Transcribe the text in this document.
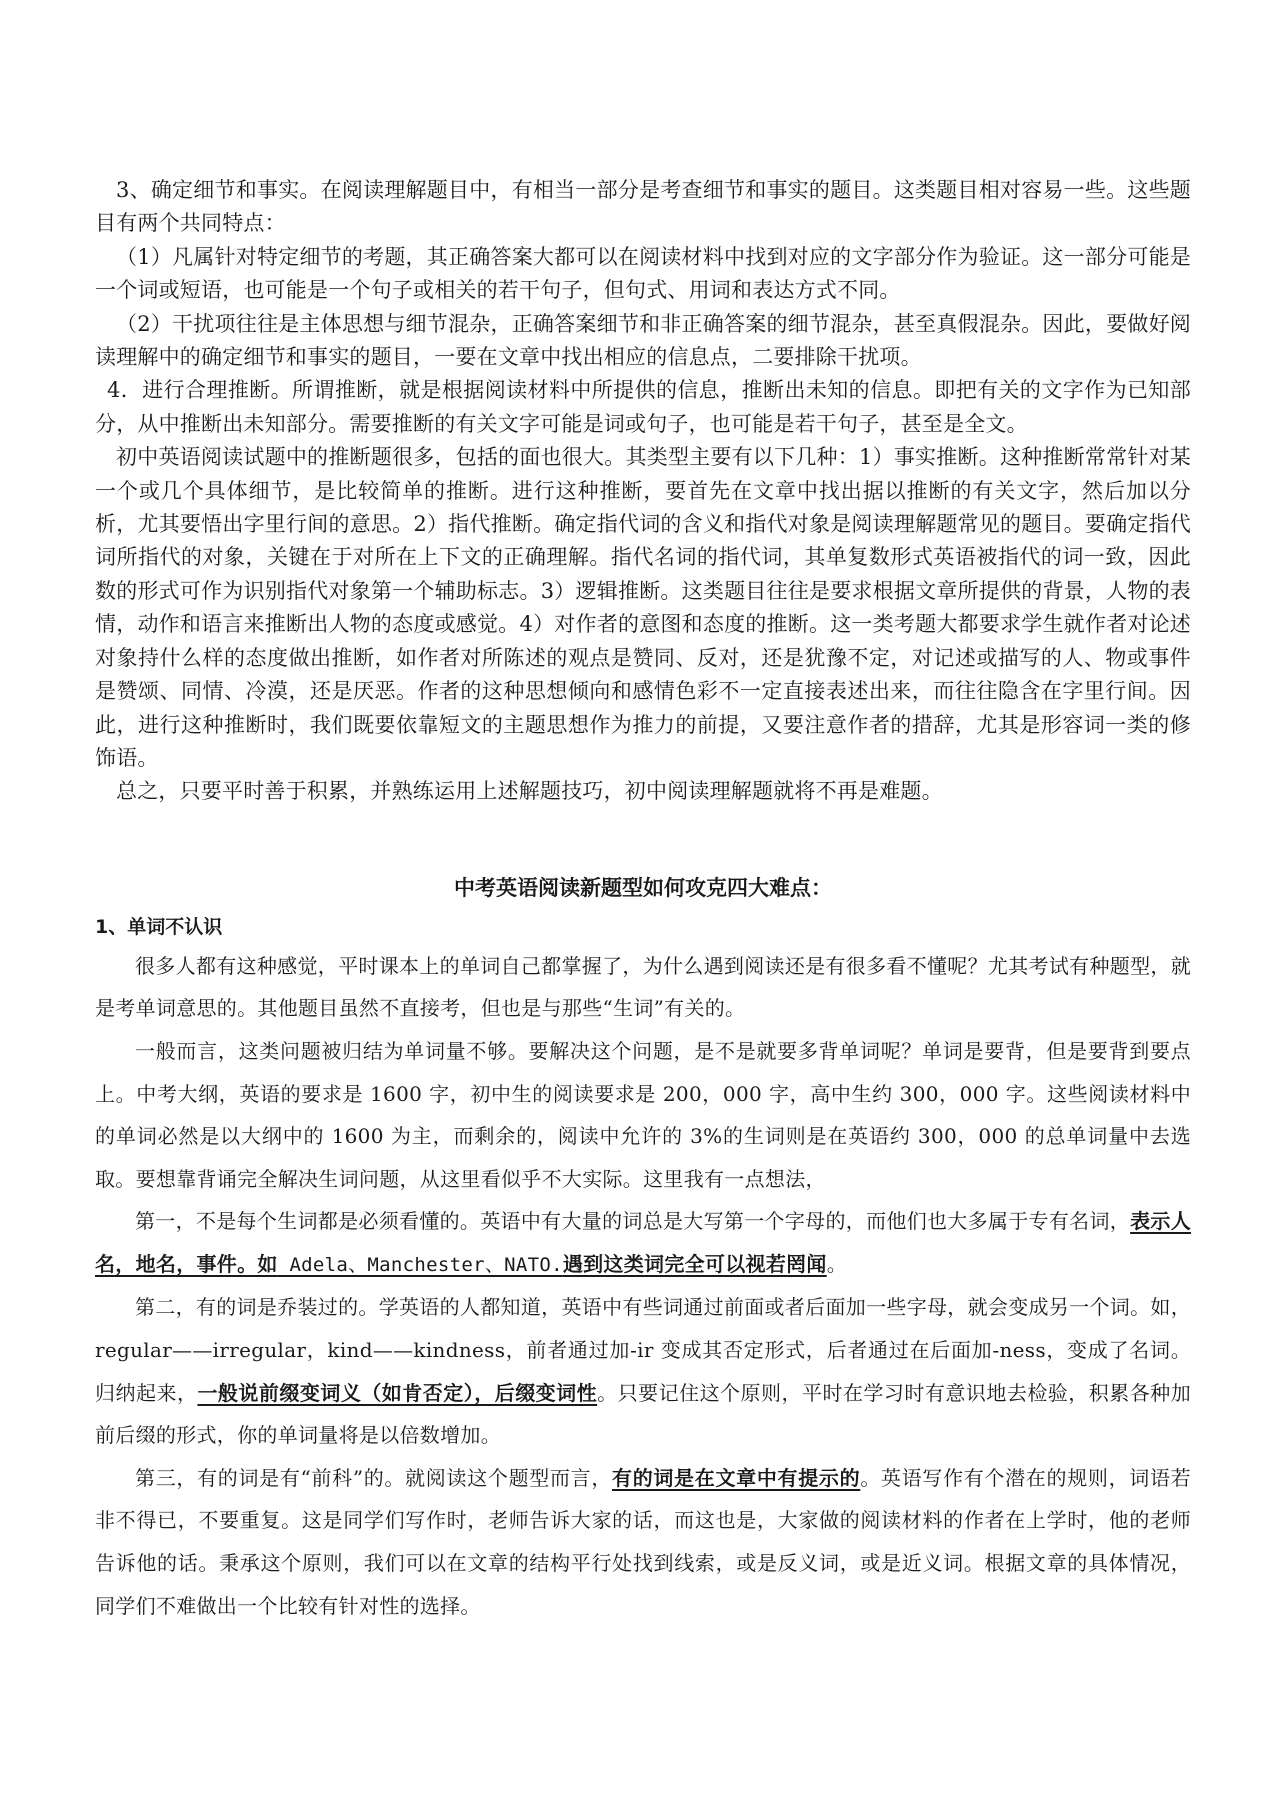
3、确定细节和事实。在阅读理解题目中，有相当一部分是考查细节和事实的题目。这类题目相对容易一些。这些题目有两个共同特点：

（1）凡属针对特定细节的考题，其正确答案大都可以在阅读材料中找到对应的文字部分作为验证。这一部分可能是一个词或短语，也可能是一个句子或相关的若干句子，但句式、用词和表达方式不同。

（2）干扰项往往是主体思想与细节混杂，正确答案细节和非正确答案的细节混杂，甚至真假混杂。因此，要做好阅读理解中的确定细节和事实的题目，一要在文章中找出相应的信息点，二要排除干扰项。

4．进行合理推断。所谓推断，就是根据阅读材料中所提供的信息，推断出未知的信息。即把有关的文字作为已知部分，从中推断出未知部分。需要推断的有关文字可能是词或句子，也可能是若干句子，甚至是全文。

初中英语阅读试题中的推断题很多，包括的面也很大。其类型主要有以下几种：1）事实推断。这种推断常常针对某一个或几个具体细节，是比较简单的推断。进行这种推断，要首先在文章中找出据以推断的有关文字，然后加以分析，尤其要悟出字里行间的意思。2）指代推断。确定指代词的含义和指代对象是阅读理解题常见的题目。要确定指代词所指代的对象，关键在于对所在上下文的正确理解。指代名词的指代词，其单复数形式英语被指代的词一致，因此数的形式可作为识别指代对象第一个辅助标志。3）逻辑推断。这类题目往往是要求根据文章所提供的背景，人物的表情，动作和语言来推断出人物的态度或感觉。4）对作者的意图和态度的推断。这一类考题大都要求学生就作者对论述对象持什么样的态度做出推断，如作者对所陈述的观点是赞同、反对，还是犹豫不定，对记述或描写的人、物或事件是赞颂、同情、冷漠，还是厌恶。作者的这种思想倾向和感情色彩不一定直接表述出来，而往往隐含在字里行间。因此，进行这种推断时，我们既要依靠短文的主题思想作为推力的前提，又要注意作者的措辞，尤其是形容词一类的修饰语。

总之，只要平时善于积累，并熟练运用上述解题技巧，初中阅读理解题就将不再是难题。

中考英语阅读新题型如何攻克四大难点：
1、单词不认识

很多人都有这种感觉，平时课本上的单词自己都掌握了，为什么遇到阅读还是有很多看不懂呢？尤其考试有种题型，就是考单词意思的。其他题目虽然不直接考，但也是与那些“生词”有关的。

一般而言，这类问题被归结为单词量不够。要解决这个问题，是不是就要多背单词呢？单词是要背，但是要背到要点上。中考大纲，英语的要求是 1600 字，初中生的阅读要求是 200，000 字，高中生约 300，000 字。这些阅读材料中的单词必然是以大纲中的 1600 为主，而剩余的，阅读中允许的 3%的生词则是在英语约 300，000 的总单词量中去选取。要想靠背诵完全解决生词问题，从这里看似乎不大实际。这里我有一点想法，

第一，不是每个生词都是必须看懂的。英语中有大量的词总是大写第一个字母的，而他们也大多属于专有名词，表示人名，地名，事件。如 Adela、Manchester、NATO.遇到这类词完全可以视若罔闻。

第二，有的词是乔装过的。学英语的人都知道，英语中有些词通过前面或者后面加一些字母，就会变成另一个词。如，regular——irregular，kind——kindness，前者通过加-ir 变成其否定形式，后者通过在后面加-ness，变成了名词。归纳起来，一般说前缀变词义（如肯否定），后缀变词性。只要记住这个原则，平时在学习时有意识地去检验，积累各种加前后缀的形式，你的单词量将是以倍数增加。

第三，有的词是有“前科”的。就阅读这个题型而言，有的词是在文章中有提示的。英语写作有个潜在的规则，词语若非不得已，不要重复。这是同学们写作时，老师告诉大家的话，而这也是，大家做的阅读材料的作者在上学时，他的老师告诉他的话。秉承这个原则，我们可以在文章的结构平行处找到线索，或是反义词，或是近义词。根据文章的具体情况，同学们不难做出一个比较有针对性的选择。
